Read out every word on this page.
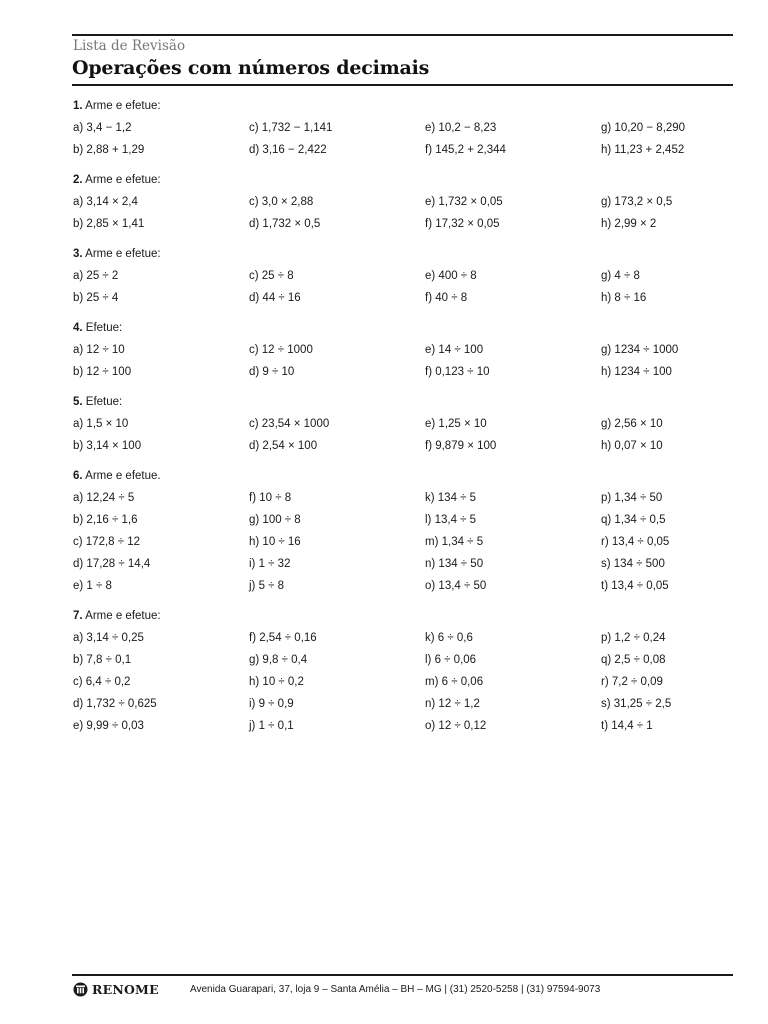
Lista de Revisão
Operações com números decimais
1. Arme e efetue:
a) 3,4 − 1,2
b) 2,88 + 1,29
c) 1,732 − 1,141
d) 3,16 − 2,422
e) 10,2 − 8,23
f) 145,2 + 2,344
g) 10,20 − 8,290
h) 11,23 + 2,452
2. Arme e efetue:
a) 3,14 × 2,4
b) 2,85 × 1,41
c) 3,0 × 2,88
d) 1,732 × 0,5
e) 1,732 × 0,05
f) 17,32 × 0,05
g) 173,2 × 0,5
h) 2,99 × 2
3. Arme e efetue:
a) 25 ÷ 2
b) 25 ÷ 4
c) 25 ÷ 8
d) 44 ÷ 16
e) 400 ÷ 8
f) 40 ÷ 8
g) 4 ÷ 8
h) 8 ÷ 16
4. Efetue:
a) 12 ÷ 10
b) 12 ÷ 100
c) 12 ÷ 1000
d) 9 ÷ 10
e) 14 ÷ 100
f) 0,123 ÷ 10
g) 1234 ÷ 1000
h) 1234 ÷ 100
5. Efetue:
a) 1,5 × 10
b) 3,14 × 100
c) 23,54 × 1000
d) 2,54 × 100
e) 1,25 × 10
f) 9,879 × 100
g) 2,56 × 10
h) 0,07 × 10
6. Arme e efetue.
a) 12,24 ÷ 5
b) 2,16 ÷ 1,6
c) 172,8 ÷ 12
d) 17,28 ÷ 14,4
e) 1 ÷ 8
f) 10 ÷ 8
g) 100 ÷ 8
h) 10 ÷ 16
i) 1 ÷ 32
j) 5 ÷ 8
k) 134 ÷ 5
l) 13,4 ÷ 5
m) 1,34 ÷ 5
n) 134 ÷ 50
o) 13,4 ÷ 50
p) 1,34 ÷ 50
q) 1,34 ÷ 0,5
r) 13,4 ÷ 0,05
s) 134 ÷ 500
t) 13,4 ÷ 0,05
7. Arme e efetue:
a) 3,14 ÷ 0,25
b) 7,8 ÷ 0,1
c) 6,4 ÷ 0,2
d) 1,732 ÷ 0,625
e) 9,99 ÷ 0,03
f) 2,54 ÷ 0,16
g) 9,8 ÷ 0,4
h) 10 ÷ 0,2
i) 9 ÷ 0,9
j) 1 ÷ 0,1
k) 6 ÷ 0,6
l) 6 ÷ 0,06
m) 6 ÷ 0,06
n) 12 ÷ 1,2
o) 12 ÷ 0,12
p) 1,2 ÷ 0,24
q) 2,5 ÷ 0,08
r) 7,2 ÷ 0,09
s) 31,25 ÷ 2,5
t) 14,4 ÷ 1
RENOME	Avenida Guarapari, 37, loja 9 – Santa Amélia – BH – MG | (31) 2520-5258 | (31) 97594-9073
